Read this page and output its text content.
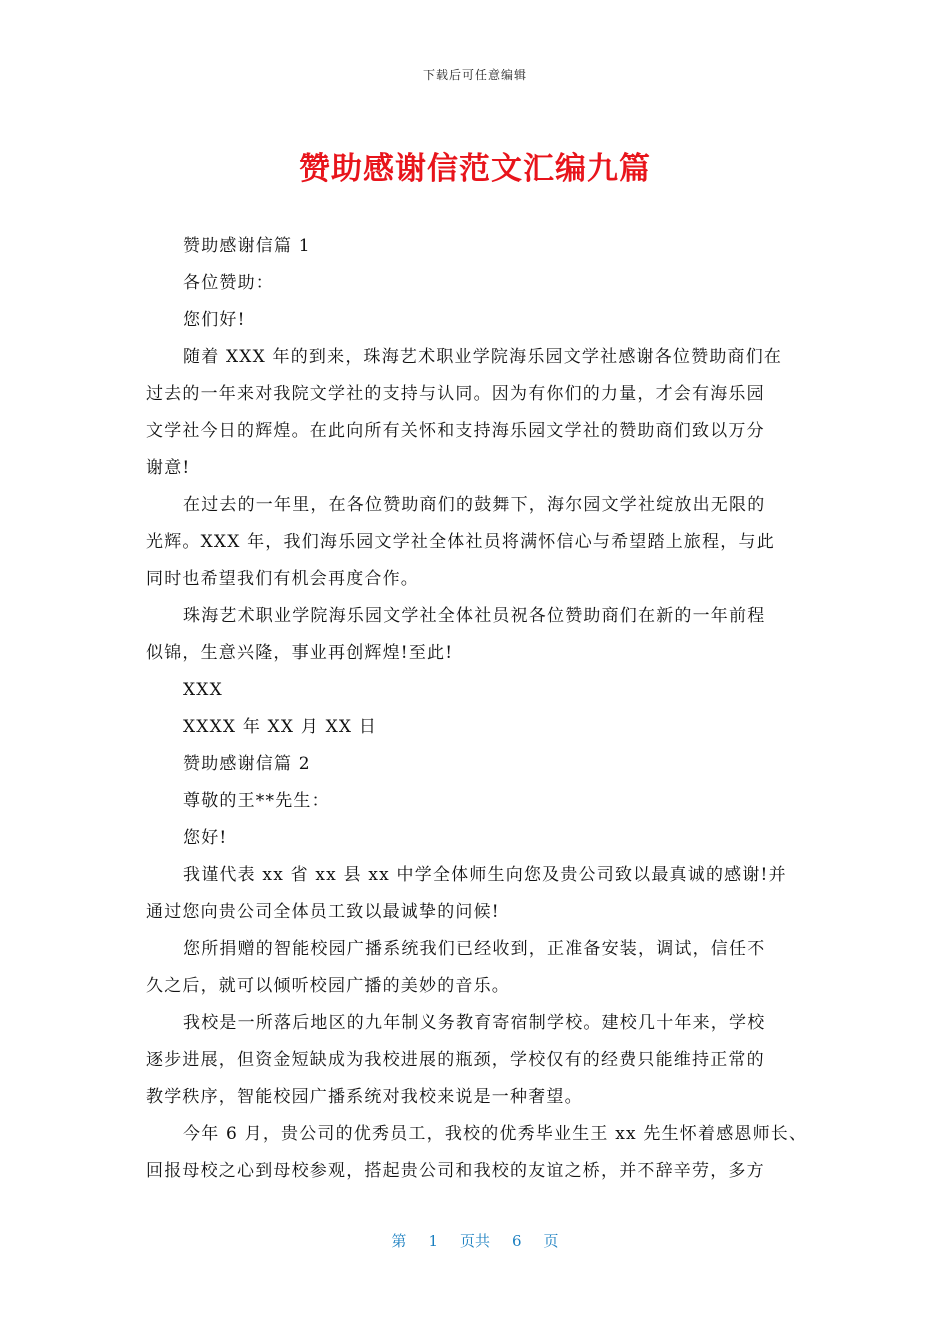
下载后可任意编辑
赞助感谢信范文汇编九篇
赞助感谢信篇 1
各位赞助：
您们好!
随着 XXX 年的到来，珠海艺术职业学院海乐园文学社感谢各位赞助商们在
过去的一年来对我院文学社的支持与认同。因为有你们的力量，才会有海乐园
文学社今日的辉煌。在此向所有关怀和支持海乐园文学社的赞助商们致以万分
谢意!
在过去的一年里，在各位赞助商们的鼓舞下，海尔园文学社绽放出无限的
光辉。XXX 年，我们海乐园文学社全体社员将满怀信心与希望踏上旅程，与此
同时也希望我们有机会再度合作。
珠海艺术职业学院海乐园文学社全体社员祝各位赞助商们在新的一年前程
似锦，生意兴隆，事业再创辉煌!至此!
XXX
XXXX 年 XX 月 XX 日
赞助感谢信篇 2
尊敬的王**先生：
您好!
我谨代表 xx 省 xx 县 xx 中学全体师生向您及贵公司致以最真诚的感谢!并
通过您向贵公司全体员工致以最诚挚的问候!
您所捐赠的智能校园广播系统我们已经收到，正准备安装，调试，信任不
久之后，就可以倾听校园广播的美妙的音乐。
我校是一所落后地区的九年制义务教育寄宿制学校。建校几十年来，学校
逐步进展，但资金短缺成为我校进展的瓶颈，学校仅有的经费只能维持正常的
教学秩序，智能校园广播系统对我校来说是一种奢望。
今年 6 月，贵公司的优秀员工，我校的优秀毕业生王 xx 先生怀着感恩师长、
回报母校之心到母校参观，搭起贵公司和我校的友谊之桥，并不辞辛劳，多方
第 1 页共 6 页
